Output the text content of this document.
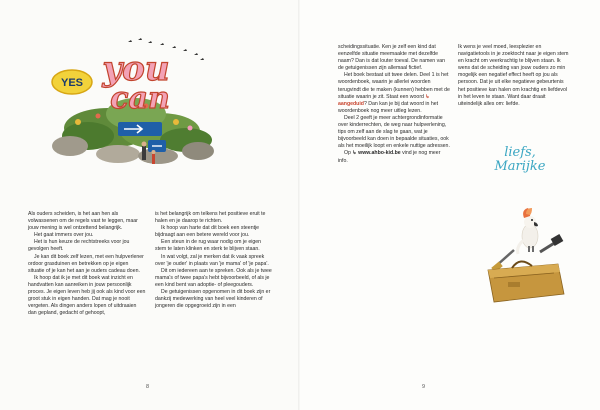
YES you
can

Als ouders scheiden, is het aan hen als volwassenen om de regels vast te leggen, maar jouw mening is wel ontzettend belangrijk.

Het gaat immers over jou.

Het is hun keuze de rechtstreeks voor jou gevolgen heeft.

Je kan dit boek zelf lezen, met een hulpverlener ordoor grasduinen en betrekken op je eigen situatie of je kan het aan je ouders cadeau doen.

Ik hoop dat ik je met dit boek wat inzicht en handvatten kan aanreiken in jouw persoonlijk proces. Je eigen leven heb jij ook als kind voor een groot stuk in eigen handen. Dat mag je nooit vergeten. Als dingen anders lopen of uitdraaien dan gepland, gedacht of gehoopt,

is het belangrijk om telkens het positieve eruit te halen en je daarop te richten.

Ik hoop van harte dat dit boek een steentje bijdraagt aan een betere wereld voor jou.

Een steun in de rug waar nodig om je eigen stem te laten klinken en sterk te blijven staan.

In wat volgt, zal je merken dat ik vaak spreek over 'je ouder' in plaats van 'je mama' of 'je papa'.

Dit om iedereen aan te spreken. Ook als je twee mama's of twee papa's hebt bijvoorbeeld, of als je een kind bent van adoptie- of pleegouders.

De getuigenissen opgenomen in dit boek zijn er dankzij medewerking van heel veel kinderen of jongeren die opgegroeid zijn in een

8

scheidingssituatie. Ken je zelf een kind dat eenzelfde situatie meemaakte met dezelfde naam? Dan is dat louter toeval. De namen van de getuigenissen zijn allemaal fictief.

Het boek bestaat uit twee delen. Deel 1 is het woordenboek, waarin je allerlei woorden terugvindt die te maken (kunnen) hebben met de situatie waarin je zit. Staat een woord ↳ aangeduid? Dan kan je bij dat woord in het woordenboek nog meer uitleg lezen.

Deel 2 geeft je meer achtergrondinformatie over kinderrechten, de weg naar hulpverlening, tips om zelf aan de slag te gaan, wat je bijvoorbeeld kan doen in bepaalde situaties, ook als het moeilijk loopt en enkele nuttige adressen.

Op ↳ www.ahbo-kid.be vind je nog meer info.

Ik wens je veel moed, leesplezier en navigatietools in je zoektocht naar je eigen stem en kracht om veerkrachtig te blijven staan. Ik wens dat de scheiding van jouw ouders zo min mogelijk een negatief effect heeft op jou als persoon. Dat je uit elke negatieve gebeurtenis het positieve kan halen om krachtig en liefdevol in het leven te staan. Want daar draait uiteindelijk alles om: liefde.

liefs,
Marijke
9
